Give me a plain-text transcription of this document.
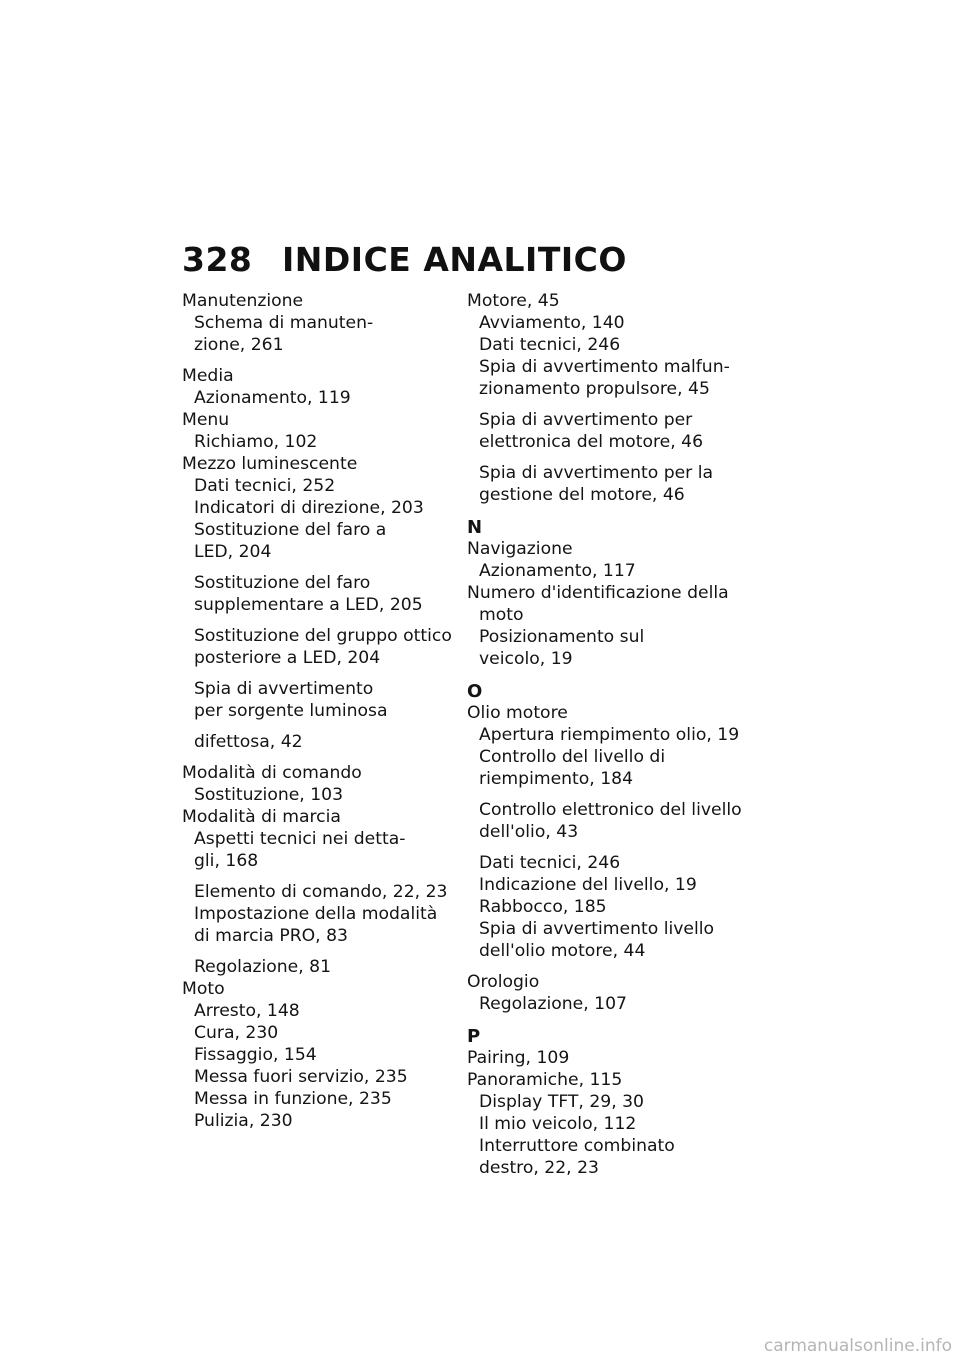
328 INDICE ANALITICO
Manutenzione
Schema di manuten-
zione, 261
Media
Azionamento, 119
Menu
Richiamo, 102
Mezzo luminescente
Dati tecnici, 252
Indicatori di direzione, 203
Sostituzione del faro a
LED, 204
Sostituzione del faro
supplementare a LED, 205
Sostituzione del gruppo ottico
posteriore a LED, 204
Spia di avvertimento
per sorgente luminosa
difettosa, 42
Modalità di comando
Sostituzione, 103
Modalità di marcia
Aspetti tecnici nei detta-
gli, 168
Elemento di comando, 22, 23
Impostazione della modalità
di marcia PRO, 83
Regolazione, 81
Moto
Arresto, 148
Cura, 230
Fissaggio, 154
Messa fuori servizio, 235
Messa in funzione, 235
Pulizia, 230
Motore, 45
Avviamento, 140
Dati tecnici, 246
Spia di avvertimento malfun-
zionamento propulsore, 45
Spia di avvertimento per
elettronica del motore, 46
Spia di avvertimento per la
gestione del motore, 46
N
Navigazione
Azionamento, 117
Numero d'identificazione della
moto
Posizionamento sul
veicolo, 19
O
Olio motore
Apertura riempimento olio, 19
Controllo del livello di
riempimento, 184
Controllo elettronico del livello
dell'olio, 43
Dati tecnici, 246
Indicazione del livello, 19
Rabbocco, 185
Spia di avvertimento livello
dell'olio motore, 44
Orologio
Regolazione, 107
P
Pairing, 109
Panoramiche, 115
Display TFT, 29, 30
Il mio veicolo, 112
Interruttore combinato
destro, 22, 23
carmanualsonline.info
